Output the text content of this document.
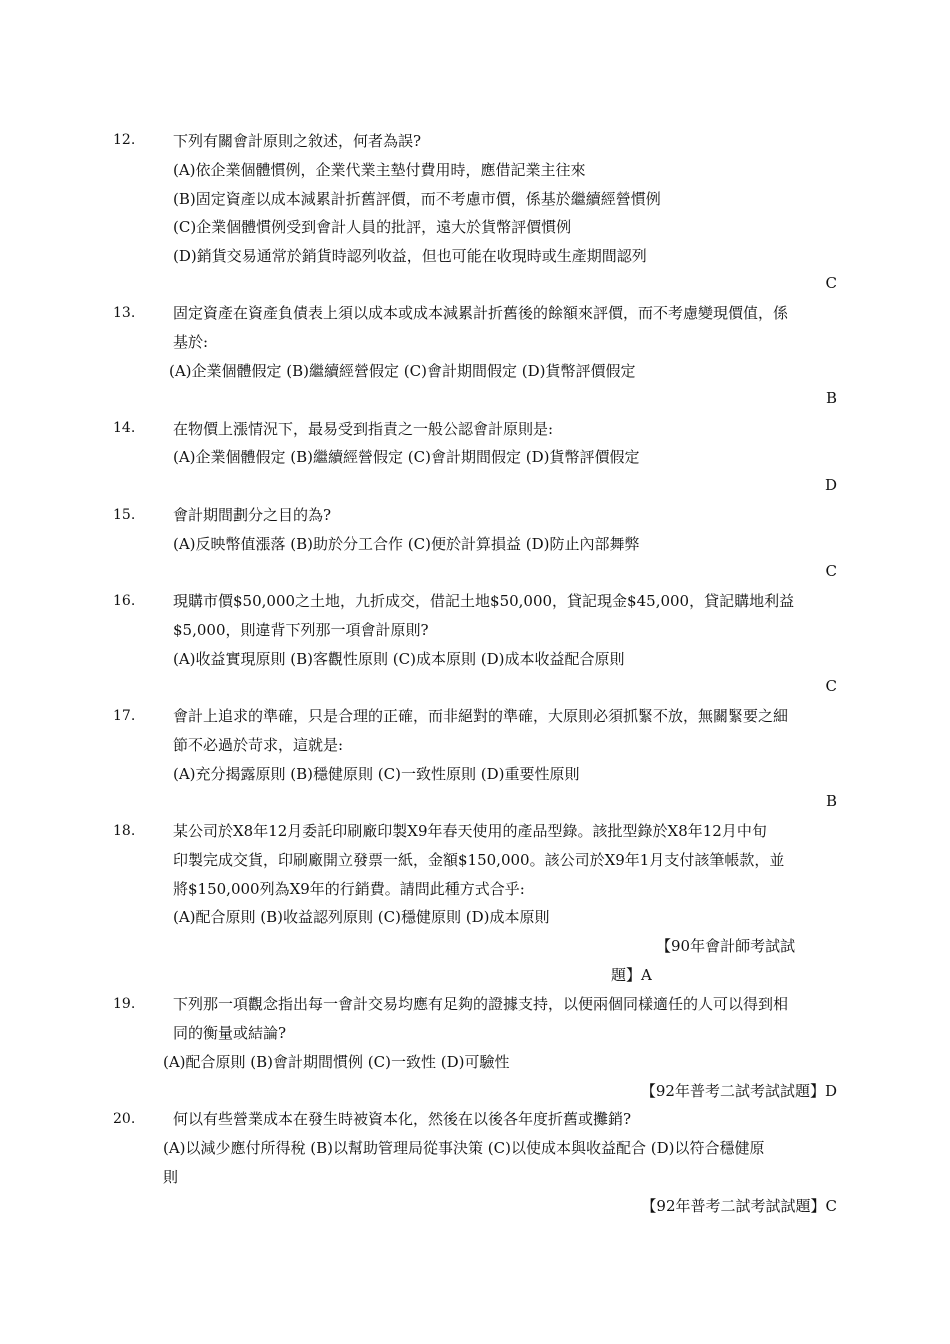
12.	下列有關會計原則之敘述，何者為誤?
(A)依企業個體慣例，企業代業主墊付費用時，應借記業主往來
(B)固定資產以成本減累計折舊評價，而不考慮市價，係基於繼續經營慣例
(C)企業個體慣例受到會計人員的批評，遠大於貨幣評價慣例
(D)銷貨交易通常於銷貨時認列收益，但也可能在收現時或生產期間認列
C
13.	固定資產在資產負債表上須以成本或成本減累計折舊後的餘額來評價，而不考慮變現價值，係
基於:
(A)企業個體假定 (B)繼續經營假定 (C)會計期間假定 (D)貨幣評價假定
B
14.	在物價上漲情況下，最易受到指責之一般公認會計原則是:
(A)企業個體假定 (B)繼續經營假定 (C)會計期間假定 (D)貨幣評價假定
D
15.	會計期間劃分之目的為?
(A)反映幣值漲落 (B)助於分工合作 (C)便於計算損益 (D)防止內部舞弊
C
16.	現購市價$50,000之土地，九折成交，借記土地$50,000，貸記現金$45,000，貸記購地利益
$5,000，則違背下列那一項會計原則?
(A)收益實現原則 (B)客觀性原則 (C)成本原則 (D)成本收益配合原則
C
17.	會計上追求的準確，只是合理的正確，而非絕對的準確，大原則必須抓緊不放，無關緊要之細
節不必過於苛求，這就是:
(A)充分揭露原則 (B)穩健原則 (C)一致性原則 (D)重要性原則
B
18.	某公司於X8年12月委託印刷廠印製X9年春天使用的產品型錄。該批型錄於X8年12月中旬
印製完成交貨，印刷廠開立發票一紙，金額$150,000。該公司於X9年1月支付該筆帳款，並
將$150,000列為X9年的行銷費。請問此種方式合乎:
(A)配合原則 (B)收益認列原則 (C)穩健原則 (D)成本原則
【90年會計師考試試
題】A
19.	下列那一項觀念指出每一會計交易均應有足夠的證據支持，以便兩個同樣適任的人可以得到相
同的衡量或結論?
(A)配合原則 (B)會計期間慣例 (C)一致性 (D)可驗性
【92年普考二試考試試題】D
20.	何以有些營業成本在發生時被資本化，然後在以後各年度折舊或攤銷?
(A)以減少應付所得稅 (B)以幫助管理局從事決策 (C)以使成本與收益配合 (D)以符合穩健原
則
【92年普考二試考試試題】C
